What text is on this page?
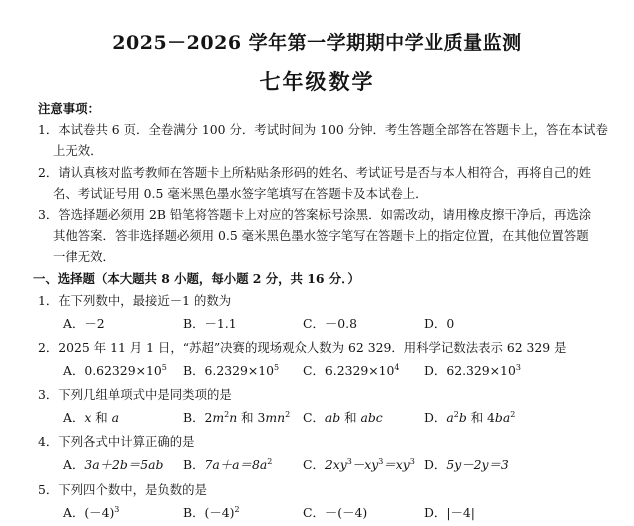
2025－2026 学年第一学期期中学业质量监测
七年级数学
注意事项：
1．本试卷共 6 页．全卷满分 100 分．考试时间为 100 分钟．考生答题全部答在答题卡上，答在本试卷
上无效．
2．请认真核对监考教师在答题卡上所粘贴条形码的姓名、考试证号是否与本人相符合，再将自己的姓
名、考试证号用 0.5 毫米黑色墨水签字笔填写在答题卡及本试卷上．
3．答选择题必须用 2B 铅笔将答题卡上对应的答案标号涂黑．如需改动，请用橡皮擦干净后，再选涂
其他答案．答非选择题必须用 0.5 毫米黑色墨水签字笔写在答题卡上的指定位置，在其他位置答题
一律无效．
一、选择题（本大题共 8 小题，每小题 2 分，共 16 分．）
1．在下列数中，最接近－1 的数为
A．－2	B．－1.1	C．－0.8	D．0
2．2025 年 11 月 1 日，“苏超”决赛的现场观众人数为 62 329．用科学记数法表示 62 329 是
A．$0.62329\times 10^5$ B．$6.2329\times 10^5$ C．$6.2329\times 10^4$ D．$62.329\times 10^3$
3．下列几组单项式中是同类项的是
A．x 和 a	B．$2m^2n$ 和 $3mn^2$ C．ab 和 abc	D．$a^2b$ 和 $4ba^2$
4．下列各式中计算正确的是
A．3a＋2b＝5ab B．$7a+a=8a^2$ C．$2xy^3-xy^3=xy^3$ D．5y－2y＝3
5．下列四个数中，是负数的是
A．$(-4)^3$	B．$(-4)^2$	C．－(－4)	D．|－4|
